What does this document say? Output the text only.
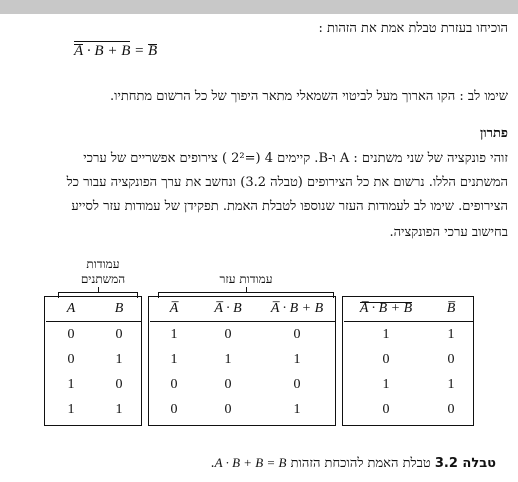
הוכיחו בעזרת טבלת אמת את הזהות :
A · B + B = B
שימו לב : הקו הארוך מעל לביטוי השמאלי מתאר היפוך של כל הרשום מתחתיו.
פתרון
זוהי פונקציה של שני משתנים : A ו-B. קיימים 4 (=2² ) צירופים אפשריים של ערכי
המשתנים הללו. נרשום את כל הצירופים (טבלה 3.2) ונחשב את ערך הפונקציה עבור כל
הצירופים. שימו לב לעמודות העזר שנוספו לטבלת האמת. תפקידן של עמודות עזר לסייע
בחישוב ערכי הפונקציה.
עמודות
המשתנים	עמודות עזר
A	B		A̅	A̅ · B	A̅ · B + B		A̅ · B + B	B̅
0	0		1	0	0		1	1
0	1		1	1	1		0	0
1	0		0	0	0		1	1
1	1		0	0	1		0	0
טבלה 3.2 טבלת האמת להוכחת הזהות A · B + B = B.
